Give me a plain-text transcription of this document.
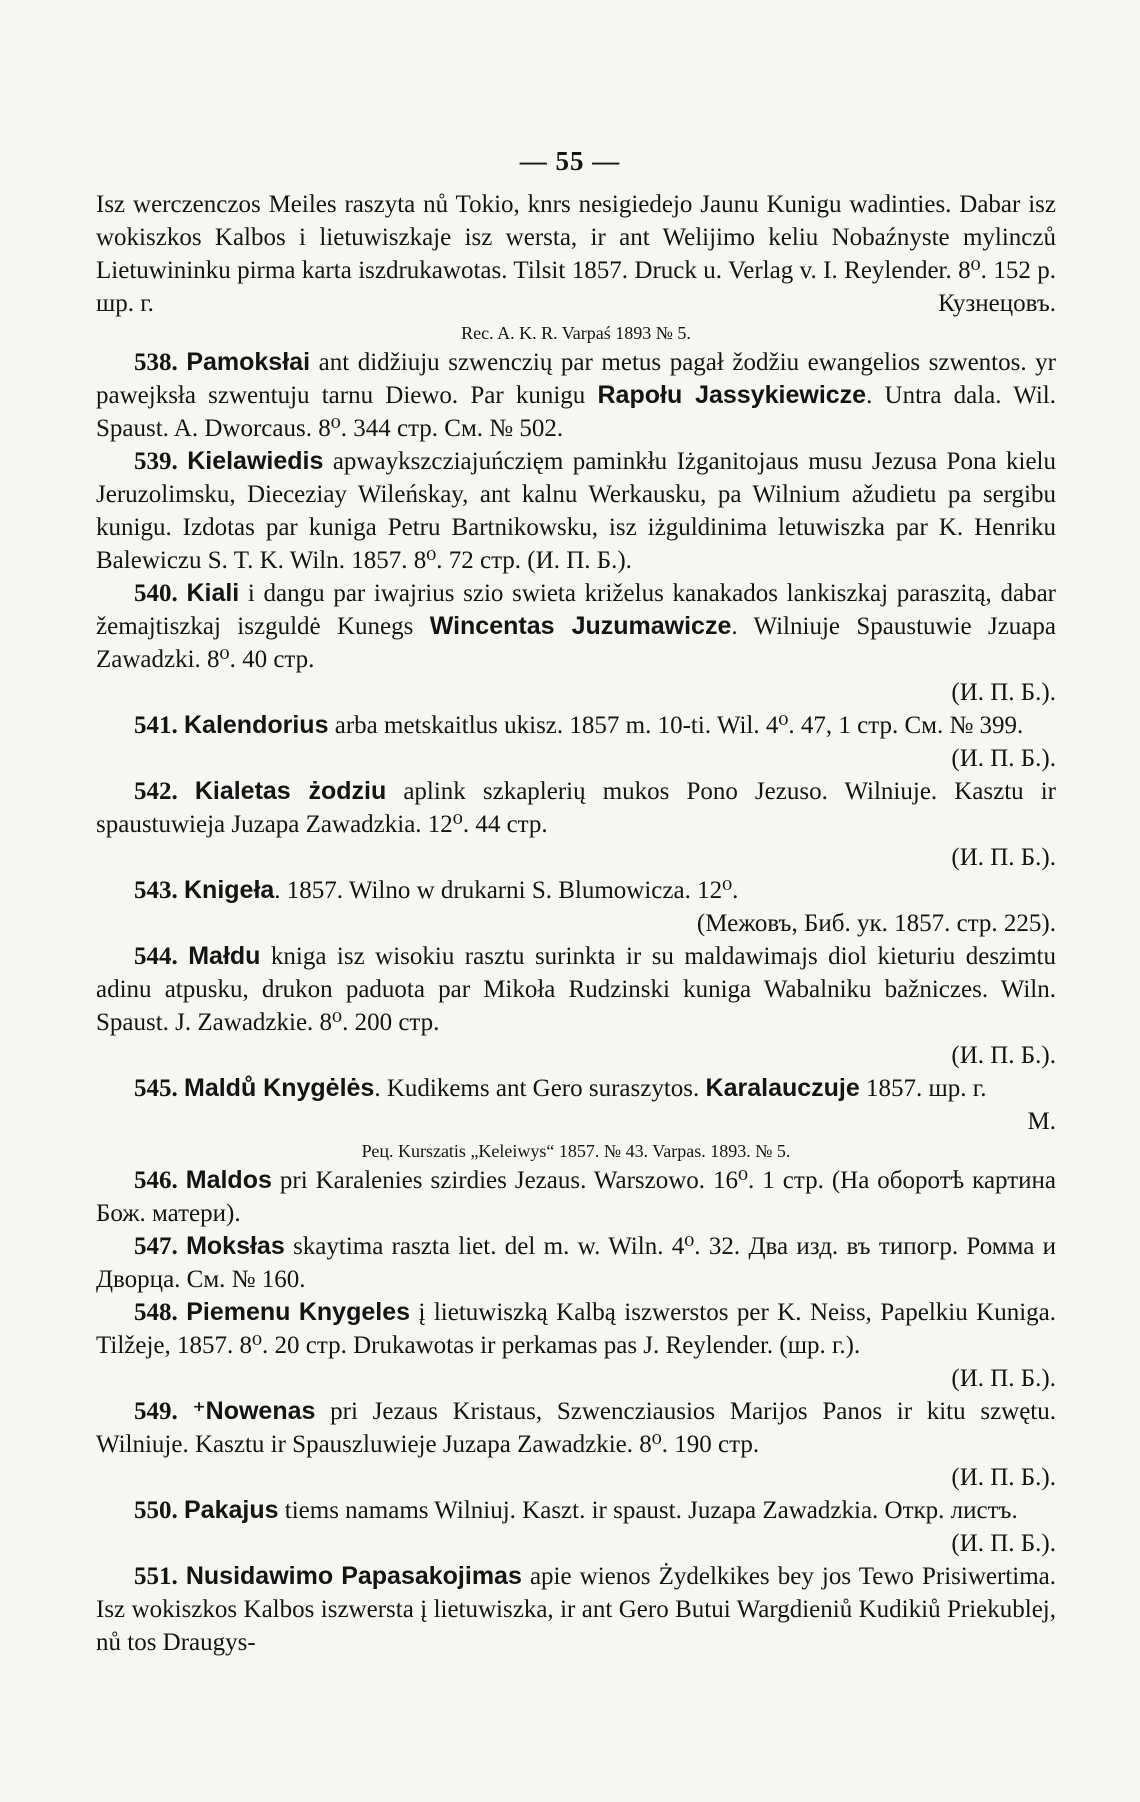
— 55 —

Isz werczenczos Meiles raszyta nů Tokio, knrs nesigiedejo Jaunu Kunigu wadinties. Dabar isz wokiszkos Kalbos i lietuwiszkaje isz wersta, ir ant Welijimo keliu Nobaźnyste mylinczů Lietuwininku pirma karta iszdrukawotas. Tilsit 1857. Druck u. Verlag v. I. Reylender. 8⁰. 152 p. шр. г.	Кузнецовъ.

Rec. A. K. R. Varpaś 1893 № 5.

538. Pamoksłai ant didžiuju szwenczių par metus pagał žodžiu ewangelios szwentos. yr pawejksła szwentuju tarnu Diewo. Par kunigu Rapołu Jassykiewicze. Untra dala. Wil. Spaust. A. Dworcaus. 8⁰. 344 стр. См. № 502.

539. Kielawiedis apwaykszcziajuńczięm paminkłu Iżganitojaus musu Jezusa Pona kielu Jeruzolimsku, Dieceziay Wileńskay, ant kalnu Werkausku, pa Wilnium ažudietu pa sergibu kunigu. Izdotas par kuniga Petru Bartnikowsku, isz iżguldinima letuwiszka par K. Henriku Balewiczu S. T. K. Wiln. 1857. 8⁰. 72 стр. (И. П. Б.).

540. Kiali i dangu par iwajrius szio swieta križelus kanakados lankiszkaj paraszitą, dabar žemajtiszkaj iszguldė Kunegs Wincentas Juzumawicze. Wilniuje Spaustuwie Jzuapa Zawadzki. 8⁰. 40 стр.
(И. П. Б.).

541. Kalendorius arba metskaitlus ukisz. 1857 m. 10-ti. Wil. 4⁰. 47, 1 стр. См. № 399.
(И. П. Б.).

542. Kialetas żodziu aplink szkaplerių mukos Pono Jezuso. Wilniuje. Kasztu ir spaustuwieja Juzapa Zawadzkia. 12⁰. 44 стр.
(И. П. Б.).

543. Knigeła. 1857. Wilno w drukarni S. Blumowicza. 12⁰.
(Межовъ, Биб. ук. 1857. стр. 225).

544. Małdu kniga isz wisokiu rasztu surinkta ir su maldawimajs diol kieturiu deszimtu adinu atpusku, drukon paduota par Mikoła Rudzinski kuniga Wabalniku bažniczes. Wiln. Spaust. J. Zawadzkie. 8⁰. 200 стр.
(И. П. Б.).

545. Maldů Knygėlės. Kudikems ant Gero suraszytos. Karalauczuje 1857. шр. г.
M.

Рец. Kurszatis „Keleiwys“ 1857. № 43. Varpas. 1893. № 5.

546. Maldos pri Karalenies szirdies Jezaus. Warszowo. 16⁰. 1 стр. (На оборотѣ картина Бож. матери).

547. Moksłas skaytima raszta liet. del m. w. Wiln. 4⁰. 32. Два изд. въ типогр. Ромма и Дворца. См. № 160.

548. Piemenu Knygeles į lietuwiszką Kalbą iszwerstos per K. Neiss, Papelkiu Kuniga. Tilžeje, 1857. 8⁰. 20 стр. Drukawotas ir perkamas pas J. Reylender. (шр. г.).
(И. П. Б.).

549. ⁺Nowenas pri Jezaus Kristaus, Szwencziausios Marijos Panos ir kitu szwętu. Wilniuje. Kasztu ir Spauszluwieje Juzapa Zawadzkie. 8⁰. 190 стр.
(И. П. Б.).

550. Pakajus tiems namams Wilniuj. Kaszt. ir spaust. Juzapa Zawadzkia. Откр. листъ.
(И. П. Б.).

551. Nusidawimo Papasakojimas apie wienos Żydelkikes bey jos Tewo Prisiwertima. Isz wokiszkos Kalbos iszwersta į lietuwiszka, ir ant Gero Butui Wargdieniů Kudikiů Priekublej, nů tos Draugys-
